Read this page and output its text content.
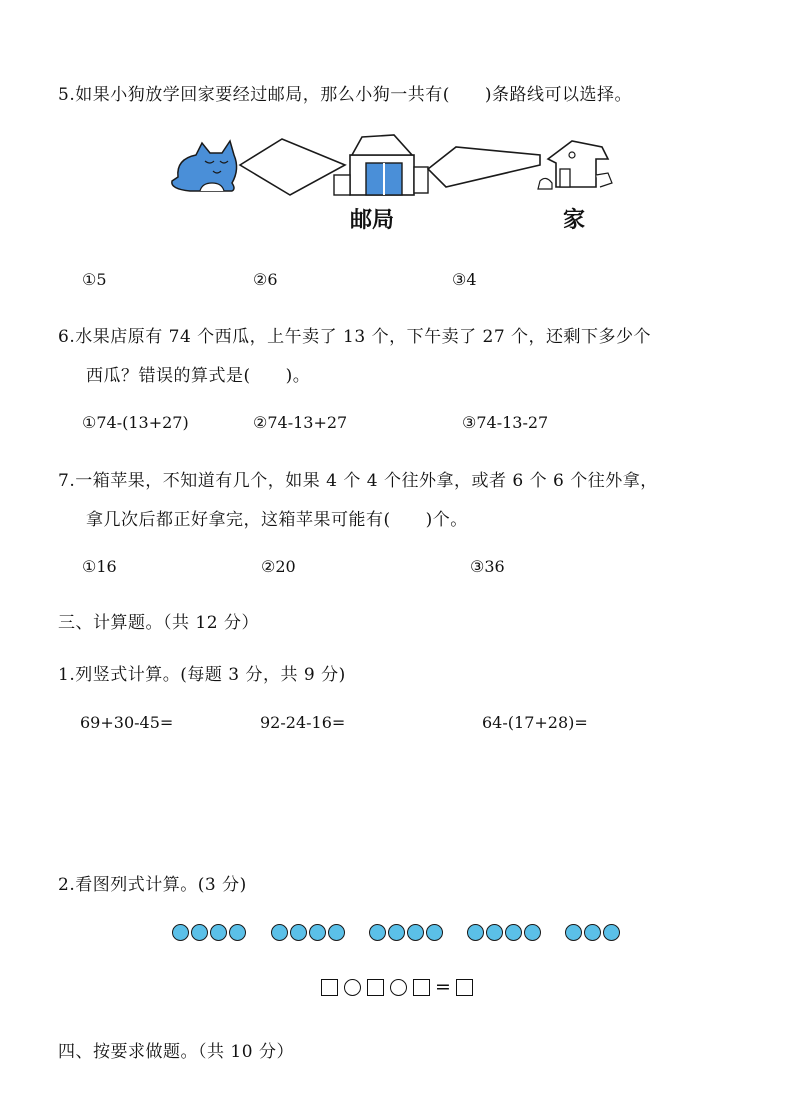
5.如果小狗放学回家要经过邮局，那么小狗一共有(　　)条路线可以选择。
邮局	家
①5	②6	③4
6.水果店原有 74 个西瓜，上午卖了 13 个，下午卖了 27 个，还剩下多少个
西瓜？错误的算式是(　　)。
①74-(13+27)	②74-13+27	③74-13-27
7.一箱苹果，不知道有几个，如果 4 个 4 个往外拿，或者 6 个 6 个往外拿，
拿几次后都正好拿完，这箱苹果可能有(　　)个。
①16	②20	③36
三、计算题。（共 12 分）
1.列竖式计算。(每题 3 分，共 9 分)
69+30-45=	92-24-16=	64-(17+28)=
2.看图列式计算。(3 分)
=
四、按要求做题。（共 10 分）
